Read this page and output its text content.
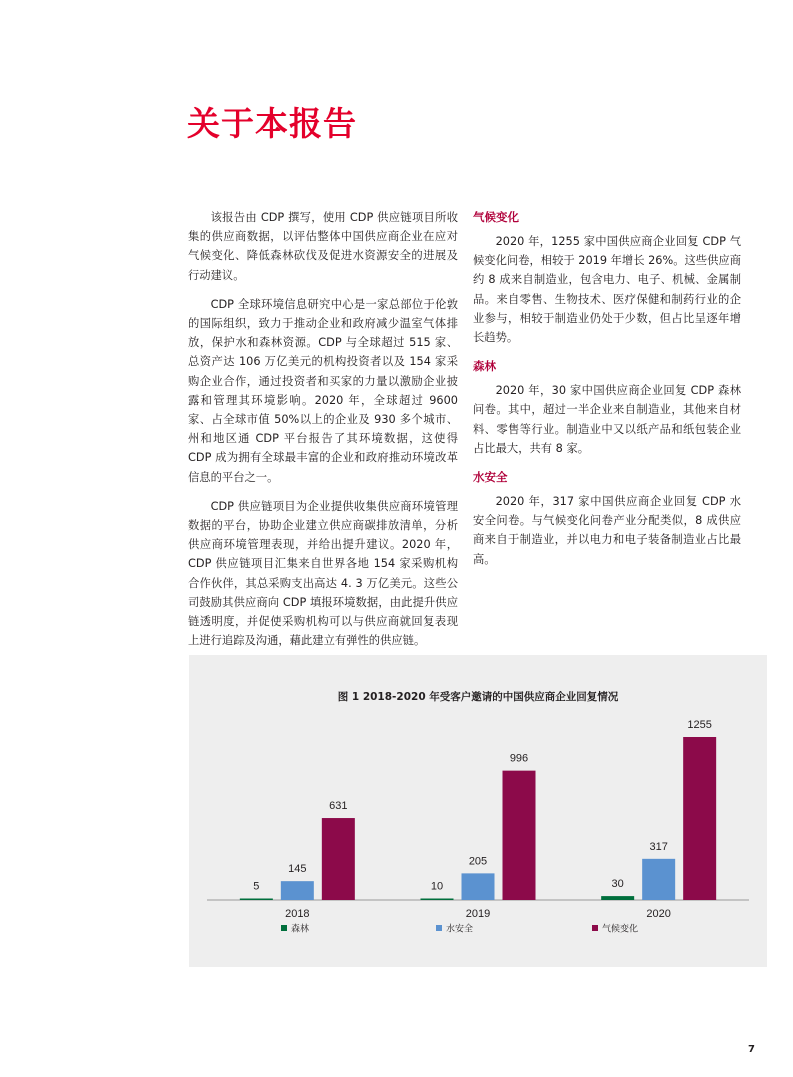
关于本报告

该报告由 CDP 撰写，使用 CDP 供应链项目所收集的供应商数据，以评估整体中国供应商企业在应对气候变化、降低森林砍伐及促进水资源安全的进展及行动建议。

CDP 全球环境信息研究中心是一家总部位于伦敦的国际组织，致力于推动企业和政府减少温室气体排放，保护水和森林资源。CDP 与全球超过 515 家、总资产达 106 万亿美元的机构投资者以及 154 家采购企业合作，通过投资者和买家的力量以激励企业披露和管理其环境影响。2020 年，全球超过 9600 家、占全球市值 50%以上的企业及 930 多个城市、州和地区通 CDP 平台报告了其环境数据，这使得 CDP 成为拥有全球最丰富的企业和政府推动环境改革信息的平台之一。

CDP 供应链项目为企业提供收集供应商环境管理数据的平台，协助企业建立供应商碳排放清单，分析供应商环境管理表现，并给出提升建议。2020 年，CDP 供应链项目汇集来自世界各地 154 家采购机构合作伙伴，其总采购支出高达 4. 3 万亿美元。这些公司鼓励其供应商向 CDP 填报环境数据，由此提升供应链透明度，并促使采购机构可以与供应商就回复表现上进行追踪及沟通，藉此建立有弹性的供应链。

气候变化

2020 年，1255 家中国供应商企业回复 CDP 气候变化问卷，相较于 2019 年增长 26%。这些供应商约 8 成来自制造业，包含电力、电子、机械、金属制品。来自零售、生物技术、医疗保健和制药行业的企业参与，相较于制造业仍处于少数，但占比呈逐年增长趋势。

森林

2020 年，30 家中国供应商企业回复 CDP 森林问卷。其中，超过一半企业来自制造业，其他来自材料、零售等行业。制造业中又以纸产品和纸包装企业占比最大，共有 8 家。

水安全

2020 年，317 家中国供应商企业回复 CDP 水安全问卷。与气候变化问卷产业分配类似，8 成供应商来自于制造业，并以电力和电子装备制造业占比最高。

图 1 2018-2020 年受客户邀请的中国供应商企业回复情况
5
145
631
2018
10
205
996
2019
30
317
1255
2020
森林	水安全	气候变化
7
